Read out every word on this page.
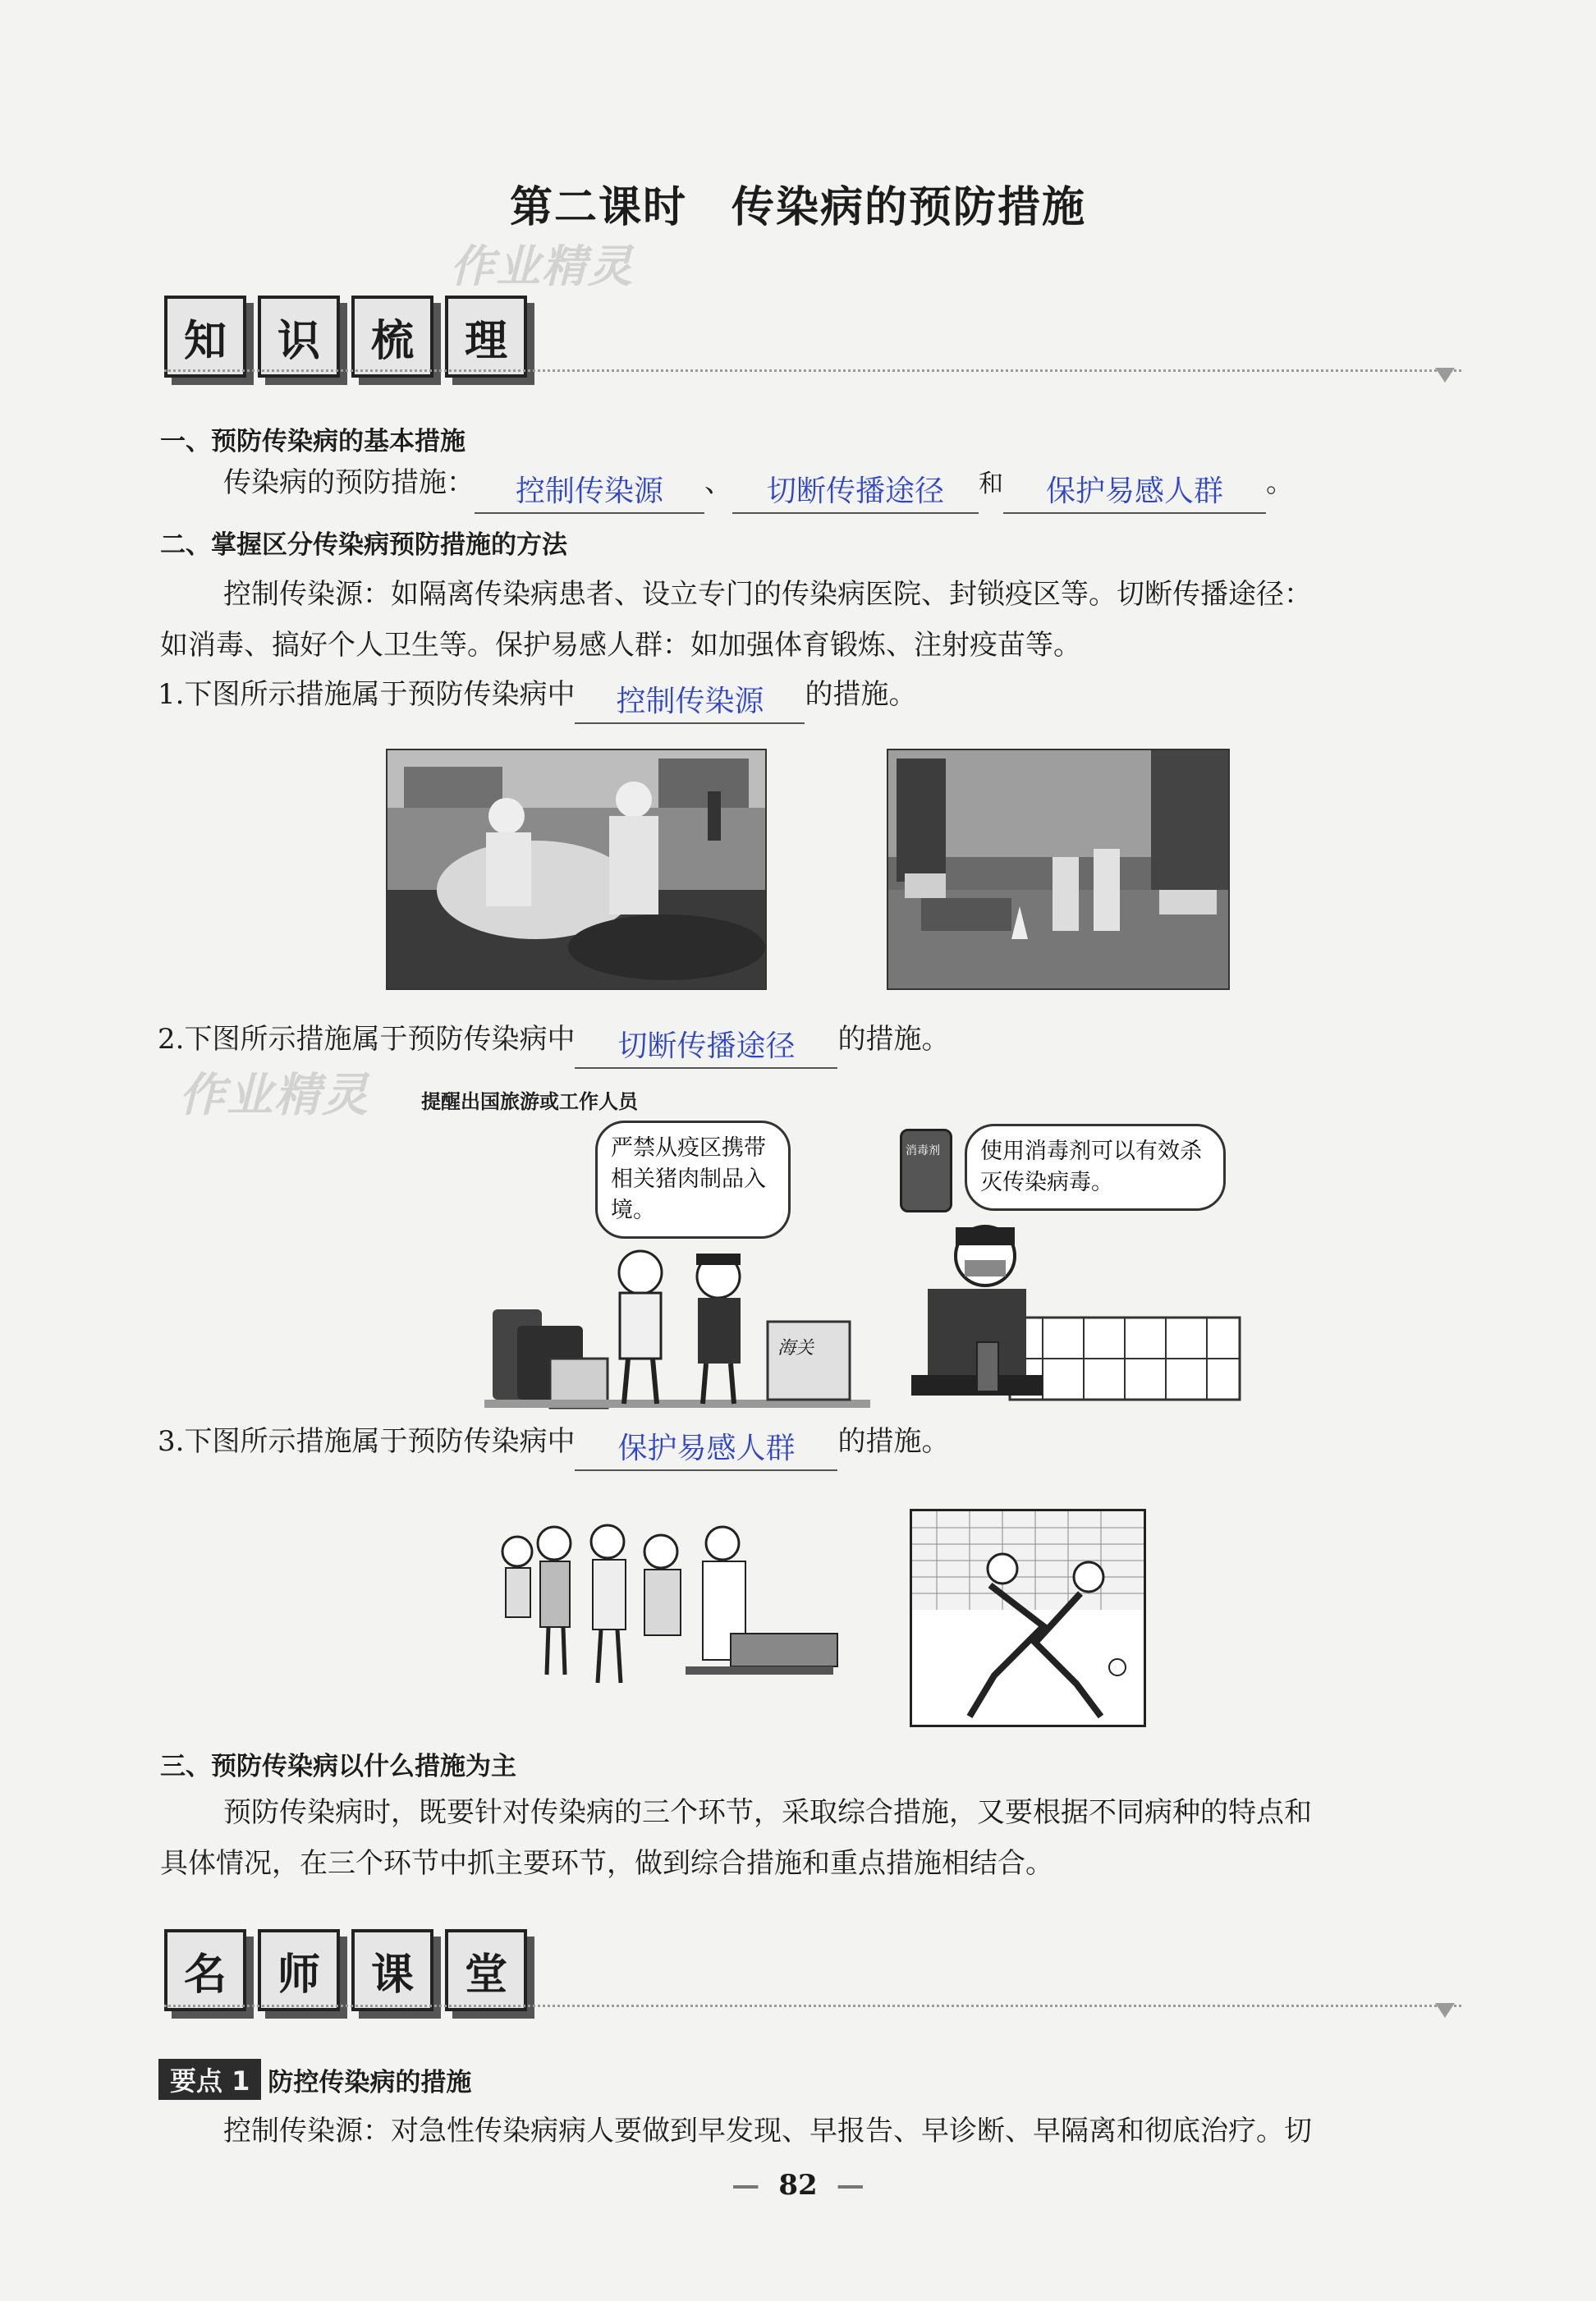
第二课时　传染病的预防措施
作业精灵
知	识	梳	理
一、预防传染病的基本措施
传染病的预防措施： 控制传染源 、 切断传播途径 和 保护易感人群 。
二、掌握区分传染病预防措施的方法
控制传染源：如隔离传染病患者、设立专门的传染病医院、封锁疫区等。切断传播途径：
如消毒、搞好个人卫生等。保护易感人群：如加强体育锻炼、注射疫苗等。
1.下图所示措施属于预防传染病中 控制传染源 的措施。
2.下图所示措施属于预防传染病中 切断传播途径 的措施。
作业精灵	提醒出国旅游或工作人员
严禁从疫区携带相关猪肉制品入境。
海关
消毒剂	使用消毒剂可以有效杀灭传染病毒。
3.下图所示措施属于预防传染病中 保护易感人群 的措施。
三、预防传染病以什么措施为主
预防传染病时，既要针对传染病的三个环节，采取综合措施，又要根据不同病种的特点和
具体情况，在三个环节中抓主要环节，做到综合措施和重点措施相结合。
名	师	课	堂
要点 1 防控传染病的措施
控制传染源：对急性传染病病人要做到早发现、早报告、早诊断、早隔离和彻底治疗。切
— 82 —
